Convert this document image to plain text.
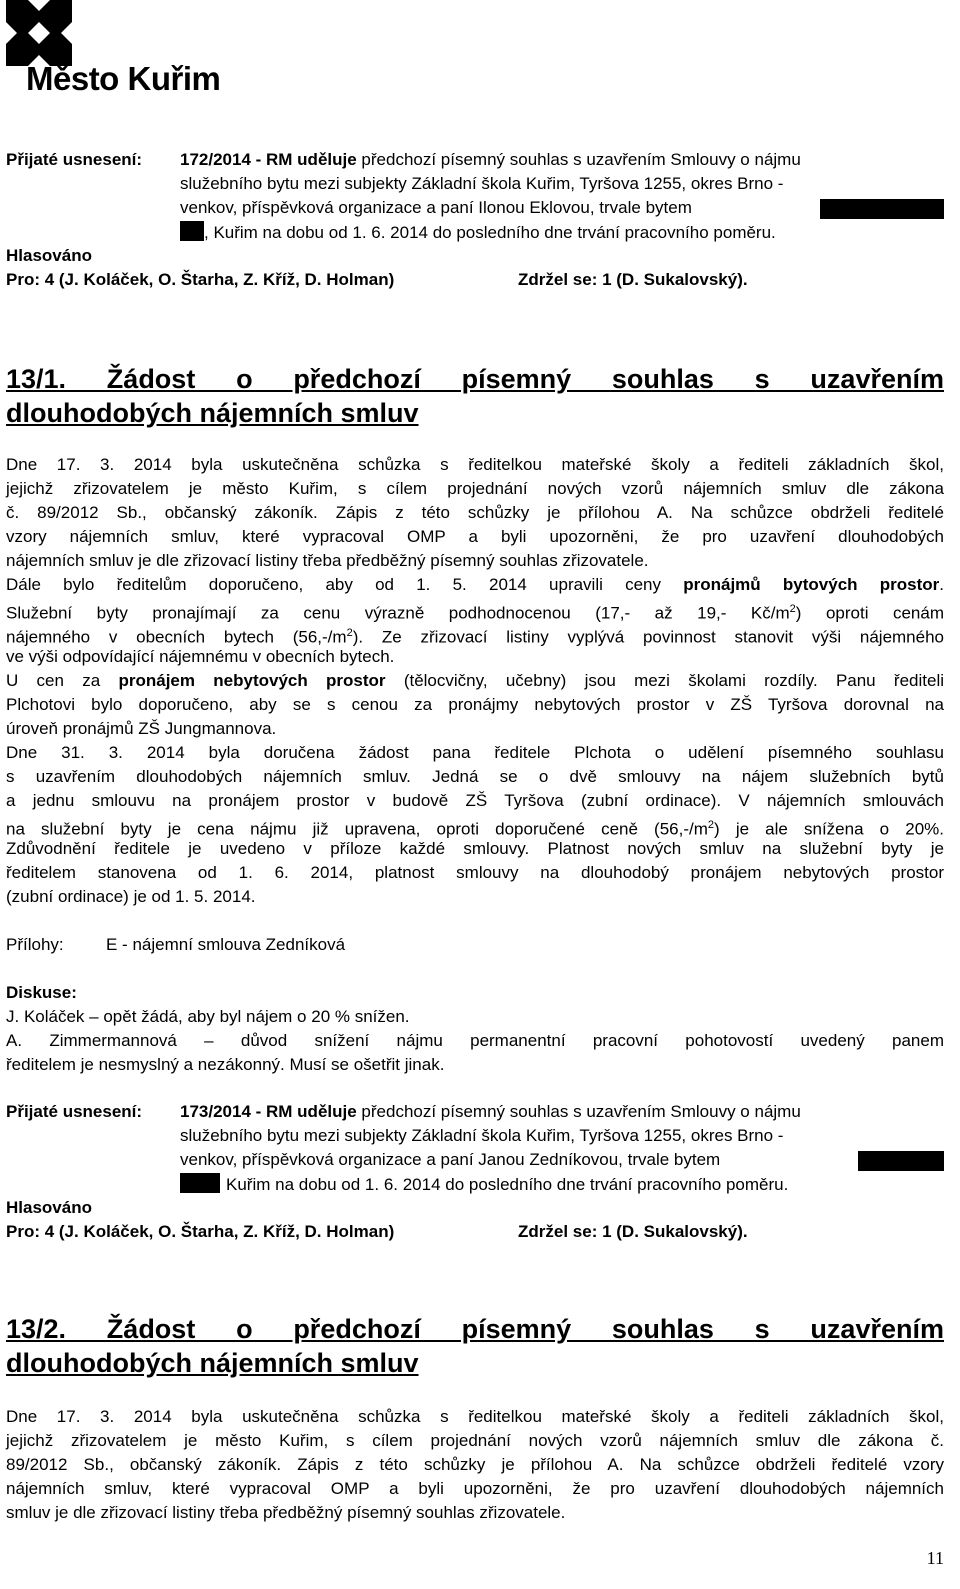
Město Kuřim
Přijaté usnesení: 172/2014 - RM uděluje předchozí písemný souhlas s uzavřením Smlouvy o nájmu
služebního bytu mezi subjekty Základní škola Kuřim, Tyršova 1255, okres Brno -
venkov, příspěvková organizace a paní Ilonou Eklovou, trvale bytem
, Kuřim na dobu od 1. 6. 2014 do posledního dne trvání pracovního poměru.
Hlasováno
Pro: 4 (J. Koláček, O. Štarha, Z. Kříž, D. Holman)	Zdržel se: 1 (D. Sukalovský).
13/1. Žádost o předchozí písemný souhlas s uzavřením
dlouhodobých nájemních smluv
Dne 17. 3. 2014 byla uskutečněna schůzka s ředitelkou mateřské školy a řediteli základních škol,
jejichž zřizovatelem je město Kuřim, s cílem projednání nových vzorů nájemních smluv dle zákona
č. 89/2012 Sb., občanský zákoník. Zápis z této schůzky je přílohou A. Na schůzce obdrželi ředitelé
vzory nájemních smluv, které vypracoval OMP a byli upozorněni, že pro uzavření dlouhodobých
nájemních smluv je dle zřizovací listiny třeba předběžný písemný souhlas zřizovatele.
Dále bylo ředitelům doporučeno, aby od 1. 5. 2014 upravili ceny pronájmů bytových prostor.
Služební byty pronajímají za cenu výrazně podhodnocenou (17,- až 19,- $Kč/m^2$) oproti cenám
nájemného v obecních bytech $(56,-/m^2)$. Ze zřizovací listiny vyplývá povinnost stanovit výši nájemného
ve výši odpovídající nájemnému v obecních bytech.
U cen za pronájem nebytových prostor (tělocvičny, učebny) jsou mezi školami rozdíly. Panu řediteli
Plchotovi bylo doporučeno, aby se s cenou za pronájmy nebytových prostor v ZŠ Tyršova dorovnal na
úroveň pronájmů ZŠ Jungmannova.
Dne 31. 3. 2014 byla doručena žádost pana ředitele Plchota o udělení písemného souhlasu
s uzavřením dlouhodobých nájemních smluv. Jedná se o dvě smlouvy na nájem služebních bytů
a jednu smlouvu na pronájem prostor v budově ZŠ Tyršova (zubní ordinace). V nájemních smlouvách
na služební byty je cena nájmu již upravena, oproti doporučené ceně $(56,-/m^2)$ je ale snížena o 20%.
Zdůvodnění ředitele je uvedeno v příloze každé smlouvy. Platnost nových smluv na služební byty je
ředitelem stanovena od 1. 6. 2014, platnost smlouvy na dlouhodobý pronájem nebytových prostor
(zubní ordinace) je od 1. 5. 2014.
Přílohy: E - nájemní smlouva Zedníková
Diskuse:
J. Koláček – opět žádá, aby byl nájem o 20 % snížen.
A. Zimmermannová – důvod snížení nájmu permanentní pracovní pohotovostí uvedený panem
ředitelem je nesmyslný a nezákonný. Musí se ošetřit jinak.
Přijaté usnesení: 173/2014 - RM uděluje předchozí písemný souhlas s uzavřením Smlouvy o nájmu
služebního bytu mezi subjekty Základní škola Kuřim, Tyršova 1255, okres Brno -
venkov, příspěvková organizace a paní Janou Zedníkovou, trvale bytem
Kuřim na dobu od 1. 6. 2014 do posledního dne trvání pracovního poměru.
Hlasováno
Pro: 4 (J. Koláček, O. Štarha, Z. Kříž, D. Holman)	Zdržel se: 1 (D. Sukalovský).
13/2. Žádost o předchozí písemný souhlas s uzavřením
dlouhodobých nájemních smluv
Dne 17. 3. 2014 byla uskutečněna schůzka s ředitelkou mateřské školy a řediteli základních škol,
jejichž zřizovatelem je město Kuřim, s cílem projednání nových vzorů nájemních smluv dle zákona č.
89/2012 Sb., občanský zákoník. Zápis z této schůzky je přílohou A. Na schůzce obdrželi ředitelé vzory
nájemních smluv, které vypracoval OMP a byli upozorněni, že pro uzavření dlouhodobých nájemních
smluv je dle zřizovací listiny třeba předběžný písemný souhlas zřizovatele.
11
